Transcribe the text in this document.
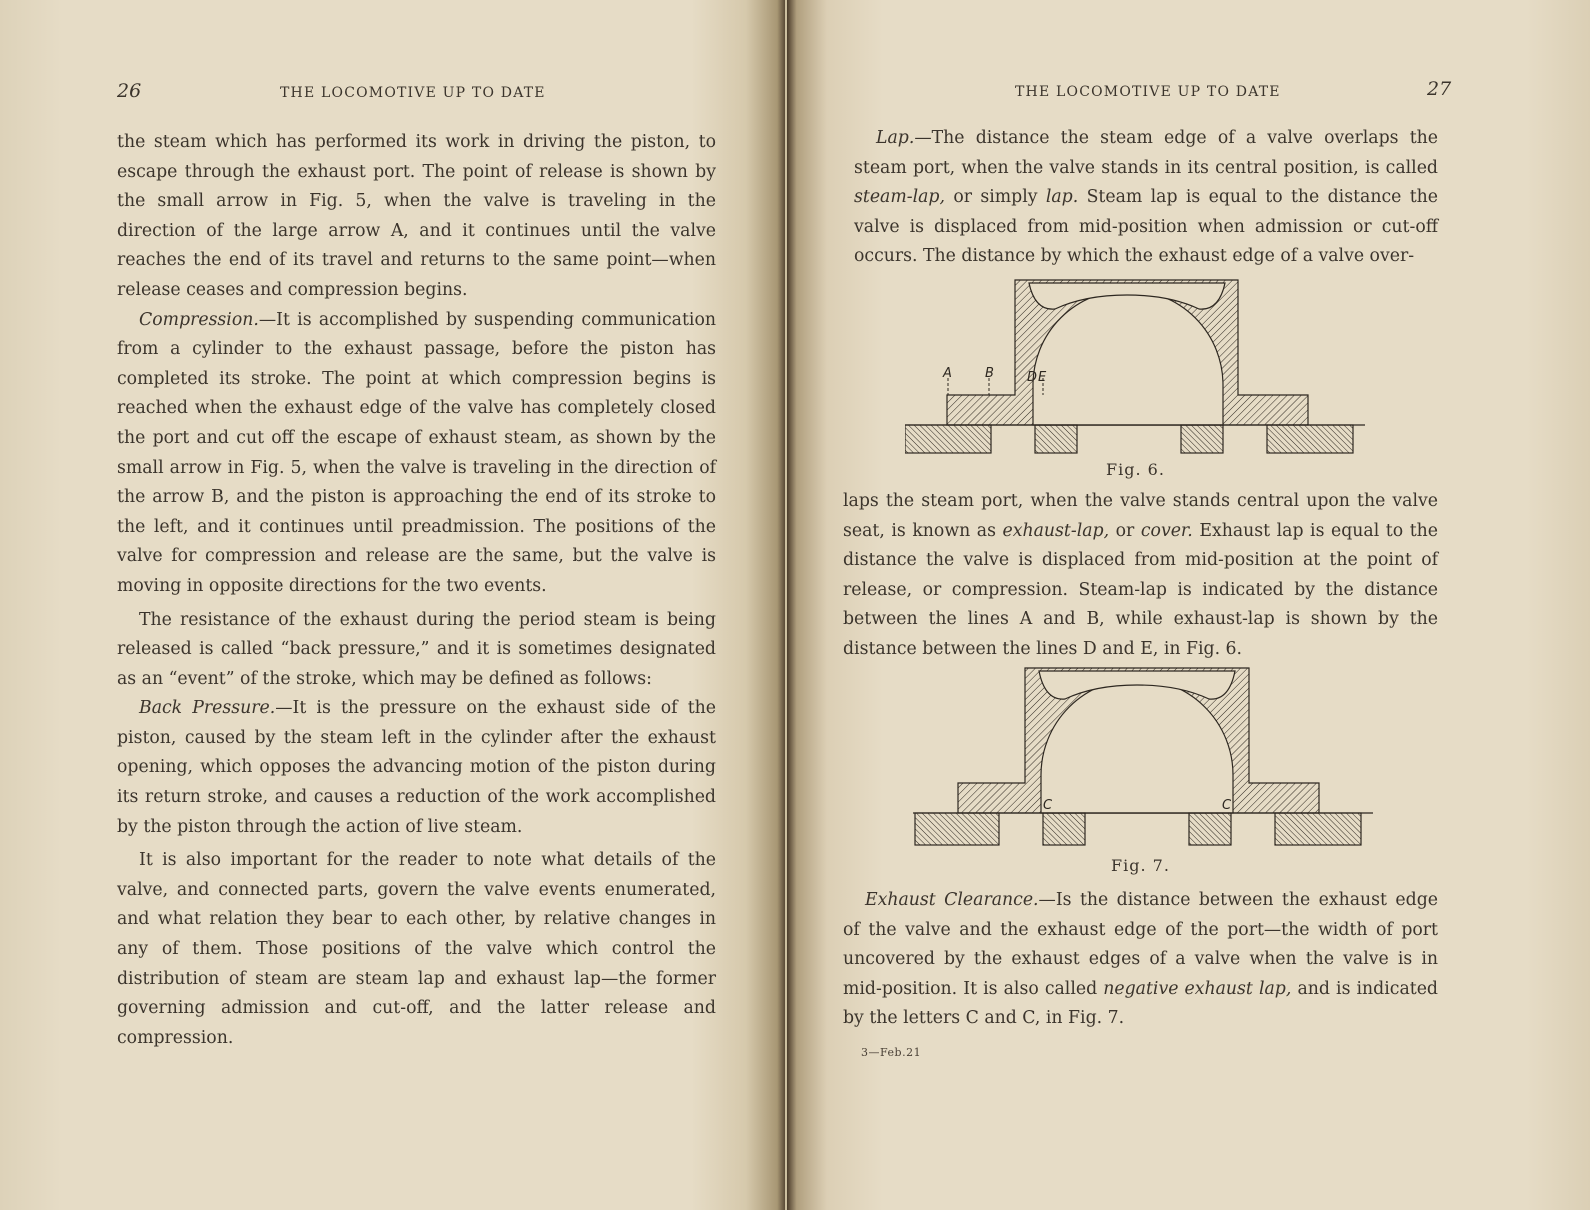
26	THE LOCOMOTIVE UP TO DATE

the steam which has performed its work in driving the piston, to escape through the exhaust port. The point of release is shown by the small arrow in Fig. 5, when the valve is traveling in the direction of the large arrow A, and it continues until the valve reaches the end of its travel and returns to the same point—when release ceases and compression begins.

Compression.—It is accomplished by suspending communication from a cylinder to the exhaust passage, before the piston has completed its stroke. The point at which compression begins is reached when the exhaust edge of the valve has completely closed the port and cut off the escape of exhaust steam, as shown by the small arrow in Fig. 5, when the valve is traveling in the direction of the arrow B, and the piston is approaching the end of its stroke to the left, and it continues until preadmission. The positions of the valve for compression and release are the same, but the valve is moving in opposite directions for the two events.

The resistance of the exhaust during the period steam is being released is called “back pressure,” and it is sometimes designated as an “event” of the stroke, which may be defined as follows:

Back Pressure.—It is the pressure on the exhaust side of the piston, caused by the steam left in the cylinder after the exhaust opening, which opposes the advancing motion of the piston during its return stroke, and causes a reduction of the work accomplished by the piston through the action of live steam.

It is also important for the reader to note what details of the valve, and connected parts, govern the valve events enumerated, and what relation they bear to each other, by relative changes in any of them. Those positions of the valve which control the distribution of steam are steam lap and exhaust lap—the former governing admission and cut-off, and the latter release and compression.

THE LOCOMOTIVE UP TO DATE	27

Lap.—The distance the steam edge of a valve overlaps the steam port, when the valve stands in its central position, is called steam-lap, or simply lap. Steam lap is equal to the distance the valve is displaced from mid-position when admission or cut-off occurs. The distance by which the exhaust edge of a valve over-

A	B	D E
Fig. 6.

laps the steam port, when the valve stands central upon the valve seat, is known as exhaust-lap, or cover. Exhaust lap is equal to the distance the valve is displaced from mid-position at the point of release, or compression. Steam-lap is indicated by the distance between the lines A and B, while exhaust-lap is shown by the distance between the lines D and E, in Fig. 6.

C	C
Fig. 7.

Exhaust Clearance.—Is the distance between the exhaust edge of the valve and the exhaust edge of the port—the width of port uncovered by the exhaust edges of a valve when the valve is in mid-position. It is also called negative exhaust lap, and is indicated by the letters C and C, in Fig. 7.

3—Feb.21
